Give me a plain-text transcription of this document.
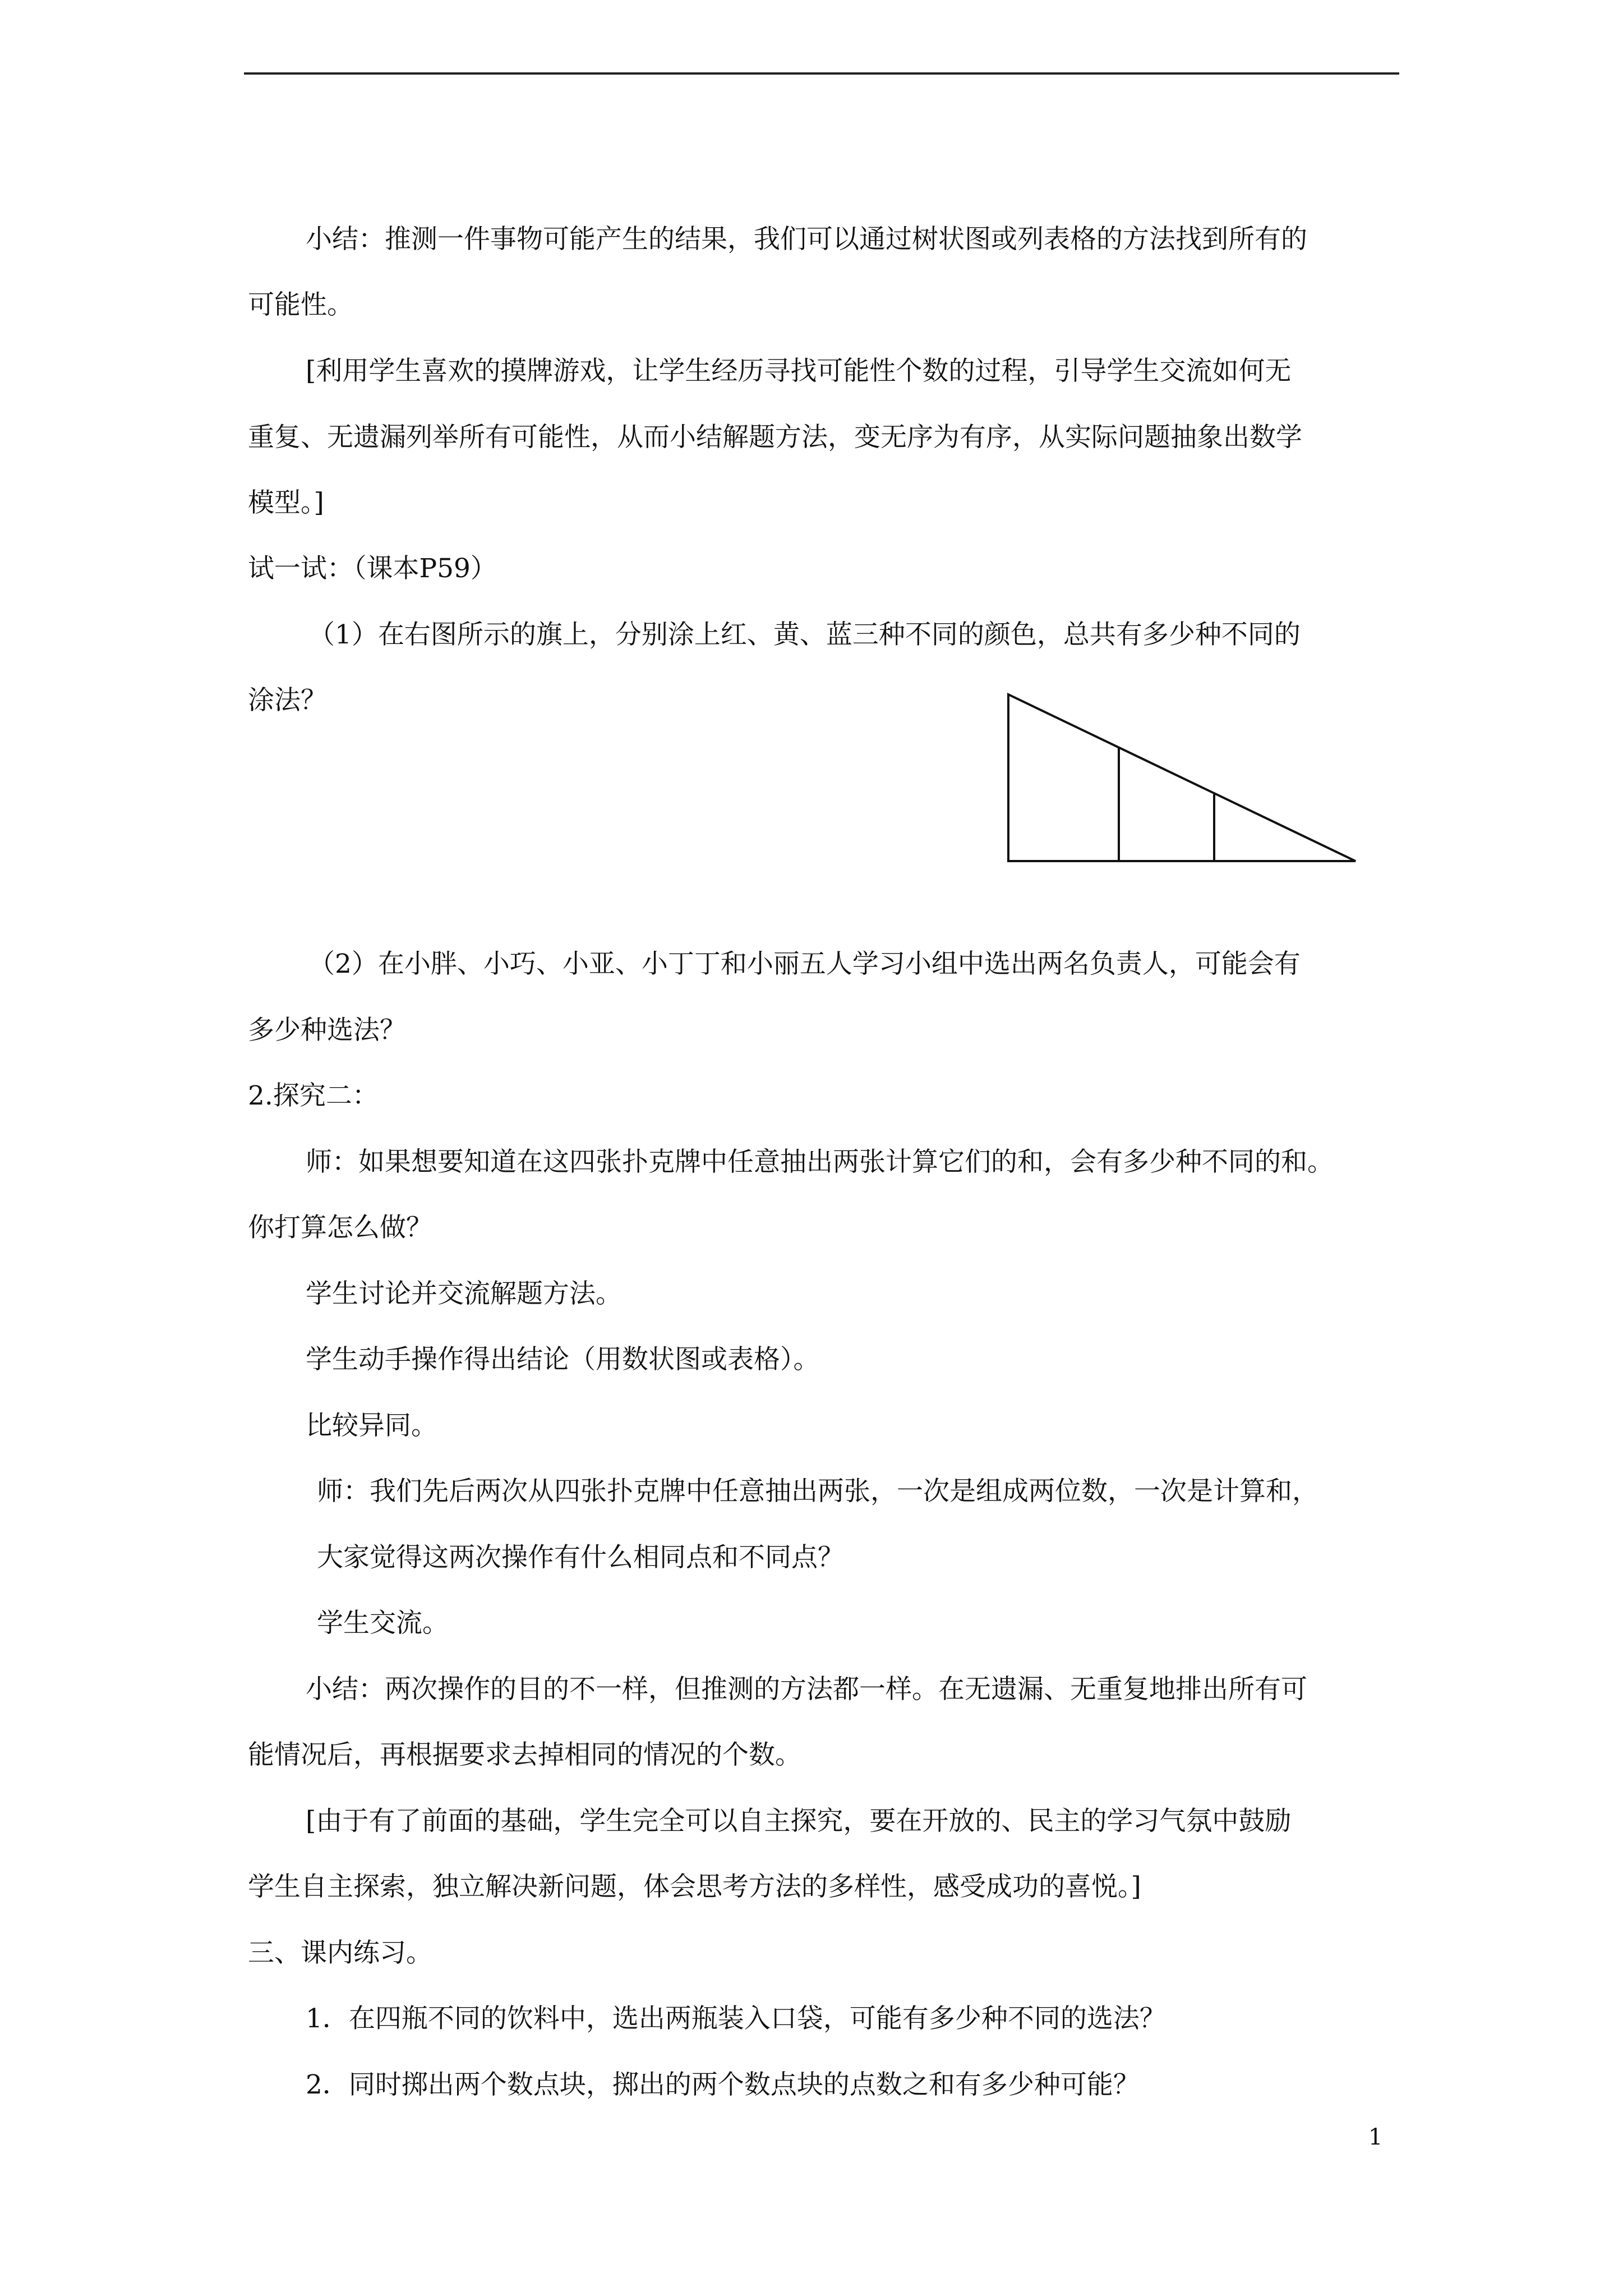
小结：推测一件事物可能产生的结果，我们可以通过树状图或列表格的方法找到所有的
可能性。
[利用学生喜欢的摸牌游戏，让学生经历寻找可能性个数的过程，引导学生交流如何无
重复、无遗漏列举所有可能性，从而小结解题方法，变无序为有序，从实际问题抽象出数学
模型。]
试一试：（课本P59）
（1）在右图所示的旗上，分别涂上红、黄、蓝三种不同的颜色，总共有多少种不同的
涂法？
（2）在小胖、小巧、小亚、小丁丁和小丽五人学习小组中选出两名负责人，可能会有
多少种选法？
2.探究二：
师：如果想要知道在这四张扑克牌中任意抽出两张计算它们的和，会有多少种不同的和。
你打算怎么做？
学生讨论并交流解题方法。
学生动手操作得出结论（用数状图或表格）。
比较异同。
师：我们先后两次从四张扑克牌中任意抽出两张，一次是组成两位数，一次是计算和，
大家觉得这两次操作有什么相同点和不同点？
学生交流。
小结：两次操作的目的不一样，但推测的方法都一样。在无遗漏、无重复地排出所有可
能情况后，再根据要求去掉相同的情况的个数。
[由于有了前面的基础，学生完全可以自主探究，要在开放的、民主的学习气氛中鼓励
学生自主探索，独立解决新问题，体会思考方法的多样性，感受成功的喜悦。]
三、课内练习。
1．在四瓶不同的饮料中，选出两瓶装入口袋，可能有多少种不同的选法？
2．同时掷出两个数点块，掷出的两个数点块的点数之和有多少种可能？
1
